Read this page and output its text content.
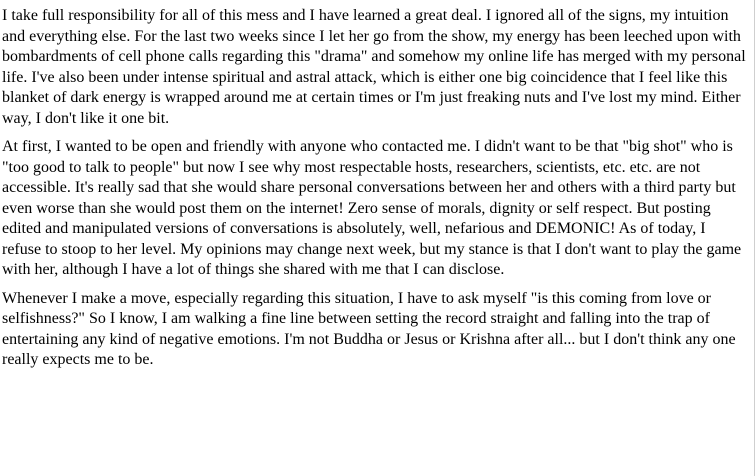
I take full responsibility for all of this mess and I have learned a great deal. I ignored all of the signs, my intuition and everything else. For the last two weeks since I let her go from the show, my energy has been leeched upon with bombardments of cell phone calls regarding this "drama" and somehow my online life has merged with my personal life. I've also been under intense spiritual and astral attack, which is either one big coincidence that I feel like this blanket of dark energy is wrapped around me at certain times or I'm just freaking nuts and I've lost my mind. Either way, I don't like it one bit.

At first, I wanted to be open and friendly with anyone who contacted me. I didn't want to be that "big shot" who is "too good to talk to people" but now I see why most respectable hosts, researchers, scientists, etc. etc. are not accessible. It's really sad that she would share personal conversations between her and others with a third party but even worse than she would post them on the internet! Zero sense of morals, dignity or self respect. But posting edited and manipulated versions of conversations is absolutely, well, nefarious and DEMONIC! As of today, I refuse to stoop to her level. My opinions may change next week, but my stance is that I don't want to play the game with her, although I have a lot of things she shared with me that I can disclose.

Whenever I make a move, especially regarding this situation, I have to ask myself "is this coming from love or selfishness?" So I know, I am walking a fine line between setting the record straight and falling into the trap of entertaining any kind of negative emotions. I'm not Buddha or Jesus or Krishna after all... but I don't think any one really expects me to be.
